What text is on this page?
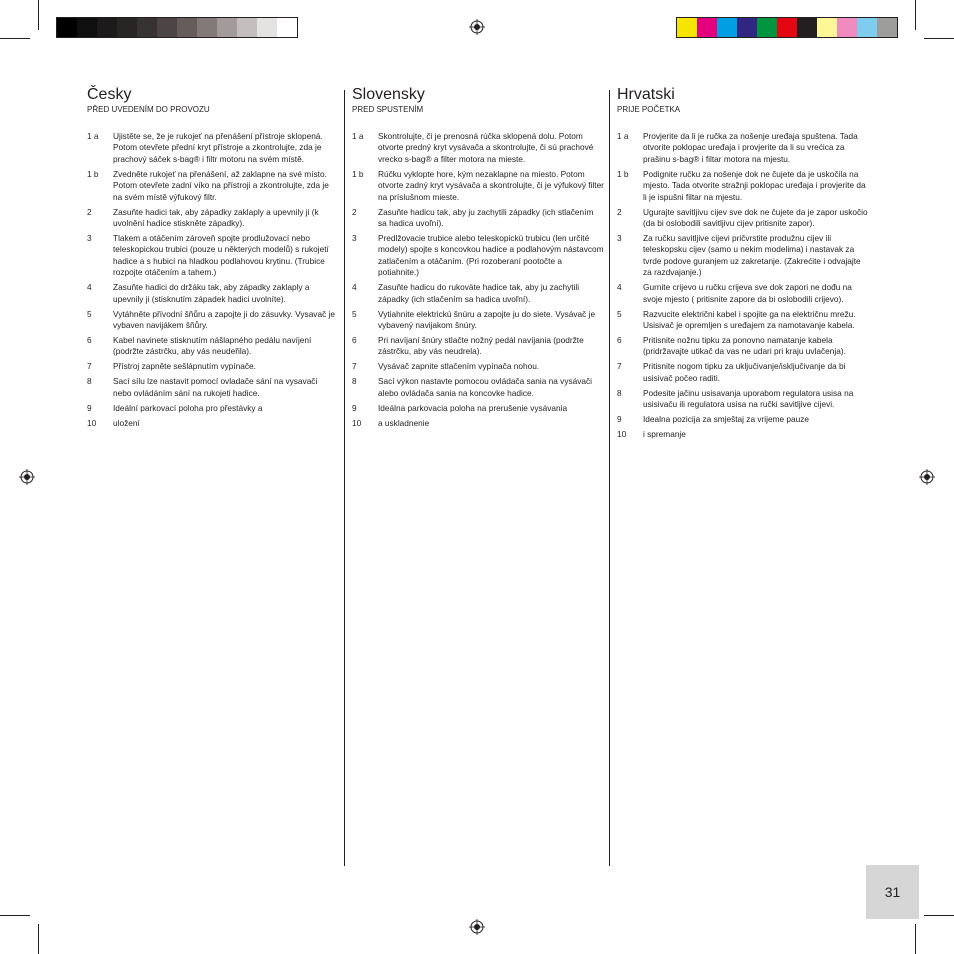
Česky
PŘED UVEDENÍM DO PROVOZU
1 a	Ujistěte se, že je rukojeť na přenášení přístroje sklopená. Potom otevřete přední kryt přístroje a zkontrolujte, zda je prachový sáček s-bag® i filtr motoru na svém místě.
1 b	Zvedněte rukojeť na přenášení, až zaklapne na své místo. Potom otevřete zadní víko na přístroji a zkontrolujte, zda je na svém místě výfukový filtr.
2	Zasuňte hadici tak, aby západky zaklaply a upevnily ji (k uvolnění hadice stiskněte západky).
3	Tlakem a otáčením zároveň spojte prodlužovací nebo teleskopickou trubici (pouze u některých modelů) s rukojetí hadice a s hubicí na hladkou podlahovou krytinu. (Trubice rozpojte otáčením a tahem.)
4	Zasuňte hadici do držáku tak, aby západky zaklaply a upevnily ji (stisknutím západek hadici uvolníte).
5	Vytáhněte přívodní šňůru a zapojte ji do zásuvky. Vysavač je vybaven navijákem šňůry.
6	Kabel navinete stisknutím nášlapného pedálu navíjení (podržte zástrčku, aby vás neudeřila).
7	Přístroj zapněte sešlápnutím vypínače.
8	Sací sílu lze nastavit pomocí ovladače sání na vysavači nebo ovládáním sání na rukojeti hadice.
9	Ideální parkovací poloha pro přestávky a
10	uložení
Slovensky
PRED SPUSTENÍM
1 a	Skontrolujte, či je prenosná rúčka sklopená dolu. Potom otvorte predný kryt vysávača a skontrolujte, či sú prachové vrecko s-bag® a filter motora na mieste.
1 b	Rúčku vyklopte hore, kým nezaklapne na miesto. Potom otvorte zadný kryt vysávača a skontrolujte, či je výfukový filter na príslušnom mieste.
2	Zasuňte hadicu tak, aby ju zachytili západky (ich stlačením sa hadica uvoľní).
3	Predlžovacie trubice alebo teleskopickú trubicu (len určité modely) spojte s koncovkou hadice a podlahovým nástavcom zatlačením a otáčaním. (Pri rozoberaní pootočte a potiahnite.)
4	Zasuňte hadicu do rukoväte hadice tak, aby ju zachytili západky (ich stlačením sa hadica uvoľní).
5	Vytiahnite elektrickú šnúru a zapojte ju do siete. Vysávač je vybavený navijakom šnúry.
6	Pri navíjaní šnúry stlačte nožný pedál navíjania (podržte zástrčku, aby vás neudrela).
7	Vysávač zapnite stlačením vypínača nohou.
8	Sací výkon nastavte pomocou ovládača sania na vysávači alebo ovládača sania na koncovke hadice.
9	Ideálna parkovacia poloha na prerušenie vysávania
10	a uskladnenie
Hrvatski
PRIJE POČETKA
1 a	Provjerite da li je ručka za nošenje uređaja spuštena. Tada otvorite poklopac uređaja i provjerite da li su vrećica za prašinu s-bag® i filtar motora na mjestu.
1 b	Podignite ručku za nošenje dok ne čujete da je uskočila na mjesto. Tada otvorite stražnji poklopac uređaja i provjerite da li je ispušni filtar na mjestu.
2	Ugurajte savitljivu cijev sve dok ne čujete da je zapor uskočio (da bi oslobodili savitljivu cijev pritisnite zapor).
3	Za ručku savitljive cijevi pričvrstite produžnu cijev ili teleskopsku cijev (samo u nekim modelima) i nastavak za tvrde podove guranjem uz zakretanje. (Zakrećite i odvajajte za razdvajanje.)
4	Gurnite crijevo u ručku crijeva sve dok zapori ne dođu na svoje mjesto ( pritisnite zapore da bi oslobodili crijevo).
5	Razvucite električni kabel i spojite ga na električnu mrežu. Usisivač je opremljen s uređajem za namotavanje kabela.
6	Pritisnite nožnu tipku za ponovno namatanje kabela (pridržavajte utikač da vas ne udari pri kraju uvlačenja).
7	Pritisnite nogom tipku za uključivanje/isključivanje da bi usisivač počeo raditi.
8	Podesite jačinu usisavanja uporabom regulatora usisa na usisivaču ili regulatora usisa na ručki savitljive cijevi.
9	Idealna pozicija za smještaj za vrijeme pauze
10	i spremanje
31
